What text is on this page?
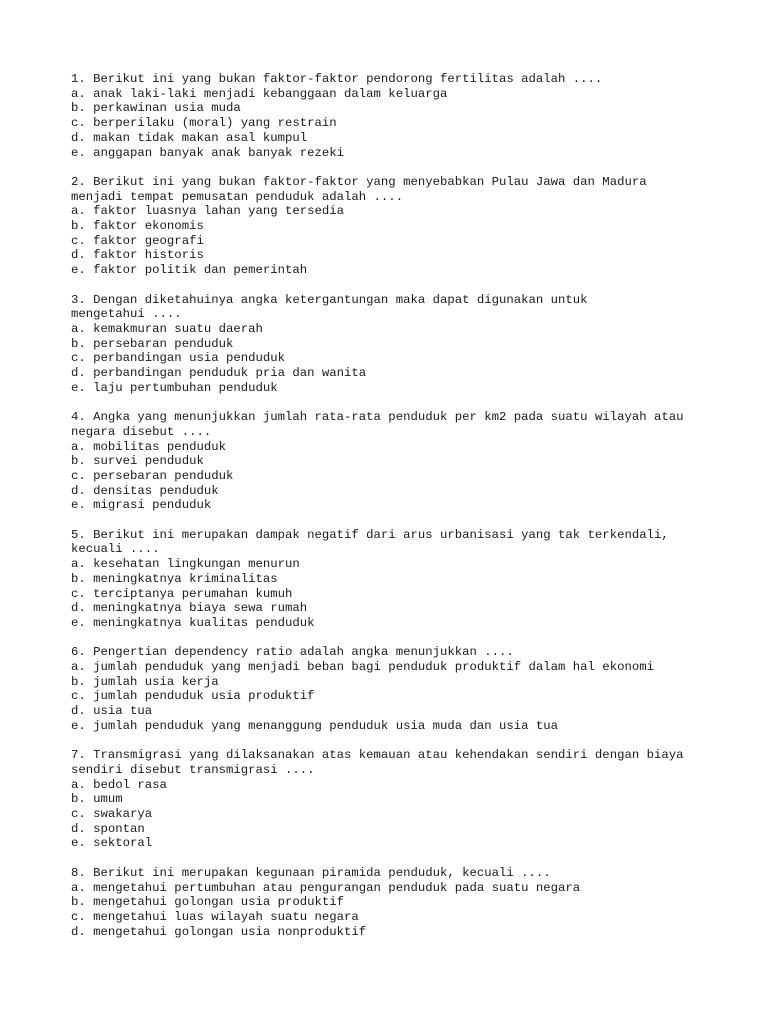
1. Berikut ini yang bukan faktor-faktor pendorong fertilitas adalah ....
a. anak laki-laki menjadi kebanggaan dalam keluarga
b. perkawinan usia muda
c. berperilaku (moral) yang restrain
d. makan tidak makan asal kumpul
e. anggapan banyak anak banyak rezeki
2. Berikut ini yang bukan faktor-faktor yang menyebabkan Pulau Jawa dan Madura
menjadi tempat pemusatan penduduk adalah ....
a. faktor luasnya lahan yang tersedia
b. faktor ekonomis
c. faktor geografi
d. faktor historis
e. faktor politik dan pemerintah
3. Dengan diketahuinya angka ketergantungan maka dapat digunakan untuk
mengetahui ....
a. kemakmuran suatu daerah
b. persebaran penduduk
c. perbandingan usia penduduk
d. perbandingan penduduk pria dan wanita
e. laju pertumbuhan penduduk
4. Angka yang menunjukkan jumlah rata-rata penduduk per km2 pada suatu wilayah atau
negara disebut ....
a. mobilitas penduduk
b. survei penduduk
c. persebaran penduduk
d. densitas penduduk
e. migrasi penduduk
5. Berikut ini merupakan dampak negatif dari arus urbanisasi yang tak terkendali,
kecuali ....
a. kesehatan lingkungan menurun
b. meningkatnya kriminalitas
c. terciptanya perumahan kumuh
d. meningkatnya biaya sewa rumah
e. meningkatnya kualitas penduduk
6. Pengertian dependency ratio adalah angka menunjukkan ....
a. jumlah penduduk yang menjadi beban bagi penduduk produktif dalam hal ekonomi
b. jumlah usia kerja
c. jumlah penduduk usia produktif
d. usia tua
e. jumlah penduduk yang menanggung penduduk usia muda dan usia tua
7. Transmigrasi yang dilaksanakan atas kemauan atau kehendakan sendiri dengan biaya
sendiri disebut transmigrasi ....
a. bedol rasa
b. umum
c. swakarya
d. spontan
e. sektoral
8. Berikut ini merupakan kegunaan piramida penduduk, kecuali ....
a. mengetahui pertumbuhan atau pengurangan penduduk pada suatu negara
b. mengetahui golongan usia produktif
c. mengetahui luas wilayah suatu negara
d. mengetahui golongan usia nonproduktif
